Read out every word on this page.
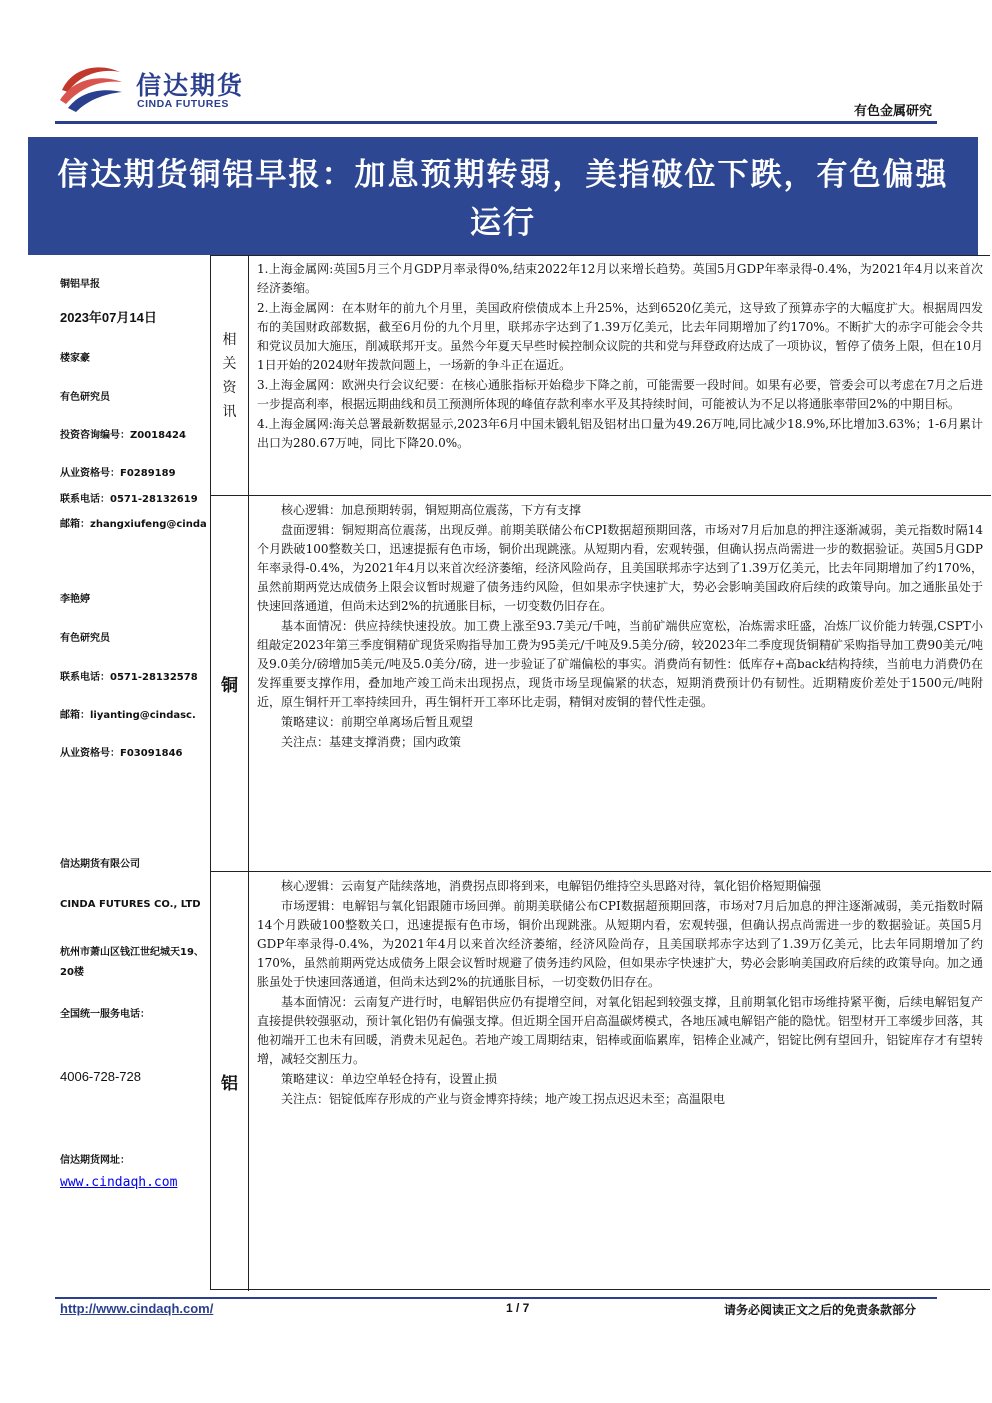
信达期货
CINDA FUTURES	有色金属研究
信达期货铜铝早报：加息预期转弱，美指破位下跌，有色偏强运行
铜铝早报
2023年07月14日
楼家豪
有色研究员
投资咨询编号：Z0018424
从业资格号：F0289189
联系电话：0571-28132619
邮箱：zhangxiufeng@cinda
李艳婷
有色研究员
联系电话：0571-28132578
邮箱：liyanting@cindasc.
从业资格号：F03091846
信达期货有限公司
CINDA FUTURES CO., LTD
杭州市萧山区钱江世纪城天19、20楼
全国统一服务电话：
4006-728-728
信达期货网址：
www.cindaqh.com
相关资讯

1.上海金属网:英国5月三个月GDP月率录得0%,结束2022年12月以来增长趋势。英国5月GDP年率录得-0.4%，为2021年4月以来首次经济萎缩。

2.上海金属网：在本财年的前九个月里，美国政府偿债成本上升25%，达到6520亿美元，这导致了预算赤字的大幅度扩大。根据周四发布的美国财政部数据，截至6月份的九个月里，联邦赤字达到了1.39万亿美元，比去年同期增加了约170%。不断扩大的赤字可能会令共和党议员加大施压，削减联邦开支。虽然今年夏天早些时候控制众议院的共和党与拜登政府达成了一项协议，暂停了债务上限，但在10月1日开始的2024财年拨款问题上，一场新的争斗正在逼近。

3.上海金属网：欧洲央行会议纪要：在核心通胀指标开始稳步下降之前，可能需要一段时间。如果有必要，管委会可以考虑在7月之后进一步提高利率，根据远期曲线和员工预测所体现的峰值存款利率水平及其持续时间，可能被认为不足以将通胀率带回2%的中期目标。

4.上海金属网:海关总署最新数据显示,2023年6月中国未锻轧铝及铝材出口量为49.26万吨,同比减少18.9%,环比增加3.63%；1-6月累计出口为280.67万吨，同比下降20.0%。

铜

核心逻辑：加息预期转弱，铜短期高位震荡，下方有支撑

盘面逻辑：铜短期高位震荡，出现反弹。前期美联储公布CPI数据超预期回落，市场对7月后加息的押注逐渐减弱，美元指数时隔14个月跌破100整数关口，迅速提振有色市场，铜价出现跳涨。从短期内看，宏观转强，但确认拐点尚需进一步的数据验证。英国5月GDP年率录得-0.4%，为2021年4月以来首次经济萎缩，经济风险尚存，且美国联邦赤字达到了1.39万亿美元，比去年同期增加了约170%，虽然前期两党达成债务上限会议暂时规避了债务违约风险，但如果赤字快速扩大，势必会影响美国政府后续的政策导向。加之通胀虽处于快速回落通道，但尚未达到2%的抗通胀目标，一切变数仍旧存在。

基本面情况：供应持续快速投放。加工费上涨至93.7美元/千吨，当前矿端供应宽松，冶炼需求旺盛，冶炼厂议价能力转强,CSPT小组敲定2023年第三季度铜精矿现货采购指导加工费为95美元/千吨及9.5美分/磅，较2023年二季度现货铜精矿采购指导加工费90美元/吨及9.0美分/磅增加5美元/吨及5.0美分/磅，进一步验证了矿端偏松的事实。消费尚有韧性：低库存+高back结构持续，当前电力消费仍在发挥重要支撑作用，叠加地产竣工尚未出现拐点，现货市场呈现偏紧的状态，短期消费预计仍有韧性。近期精废价差处于1500元/吨附近，原生铜杆开工率持续回升，再生铜杆开工率环比走弱，精铜对废铜的替代性走强。

策略建议：前期空单离场后暂且观望

关注点：基建支撑消费；国内政策

铝

核心逻辑：云南复产陆续落地，消费拐点即将到来，电解铝仍维持空头思路对待，氧化铝价格短期偏强

市场逻辑：电解铝与氧化铝跟随市场回弹。前期美联储公布CPI数据超预期回落，市场对7月后加息的押注逐渐减弱，美元指数时隔14个月跌破100整数关口，迅速提振有色市场，铜价出现跳涨。从短期内看，宏观转强，但确认拐点尚需进一步的数据验证。英国5月GDP年率录得-0.4%，为2021年4月以来首次经济萎缩，经济风险尚存，且美国联邦赤字达到了1.39万亿美元，比去年同期增加了约170%，虽然前期两党达成债务上限会议暂时规避了债务违约风险，但如果赤字快速扩大，势必会影响美国政府后续的政策导向。加之通胀虽处于快速回落通道，但尚未达到2%的抗通胀目标，一切变数仍旧存在。

基本面情况：云南复产进行时，电解铝供应仍有提增空间，对氧化铝起到较强支撑，且前期氧化铝市场维持紧平衡，后续电解铝复产直接提供较强驱动，预计氧化铝仍有偏强支撑。但近期全国开启高温碳烤模式，各地压减电解铝产能的隐忧。铝型材开工率缓步回落，其他初端开工也未有回暖，消费未见起色。若地产竣工周期结束，铝棒或面临累库，铝棒企业减产，铝锭比例有望回升，铝锭库存才有望转增，减轻交割压力。

策略建议：单边空单轻仓持有，设置止损

关注点：铝锭低库存形成的产业与资金博弈持续；地产竣工拐点迟迟未至；高温限电

http://www.cindaqh.com/	1 / 7	请务必阅读正文之后的免责条款部分
